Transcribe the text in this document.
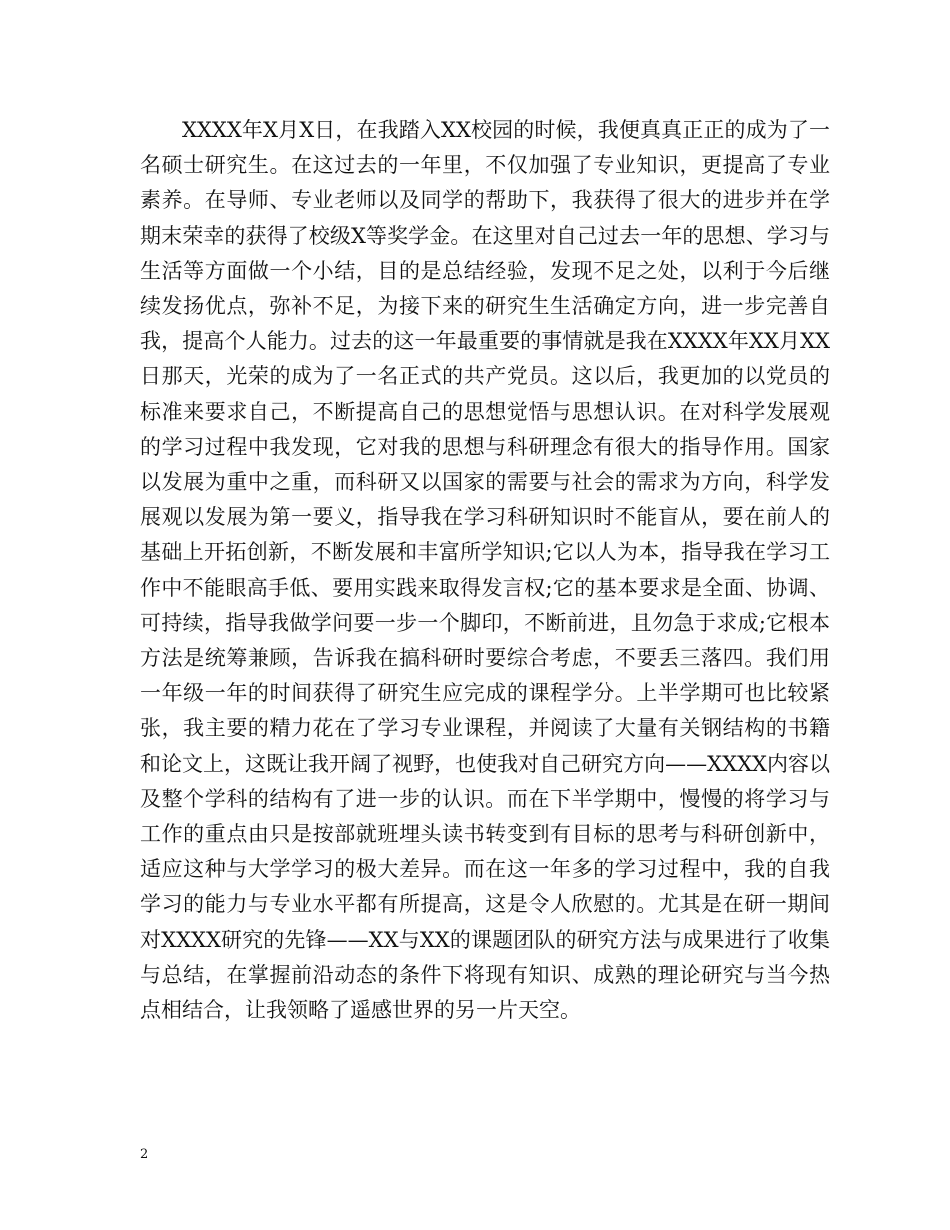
XXXX年X月X日，在我踏入XX校园的时候，我便真真正正的成为了一名硕士研究生。在这过去的一年里，不仅加强了专业知识，更提高了专业素养。在导师、专业老师以及同学的帮助下，我获得了很大的进步并在学期末荣幸的获得了校级X等奖学金。在这里对自己过去一年的思想、学习与生活等方面做一个小结，目的是总结经验，发现不足之处，以利于今后继续发扬优点，弥补不足，为接下来的研究生生活确定方向，进一步完善自我，提高个人能力。过去的这一年最重要的事情就是我在XXXX年XX月XX日那天，光荣的成为了一名正式的共产党员。这以后，我更加的以党员的标准来要求自己，不断提高自己的思想觉悟与思想认识。在对科学发展观的学习过程中我发现，它对我的思想与科研理念有很大的指导作用。国家以发展为重中之重，而科研又以国家的需要与社会的需求为方向，科学发展观以发展为第一要义，指导我在学习科研知识时不能盲从，要在前人的基础上开拓创新，不断发展和丰富所学知识;它以人为本，指导我在学习工作中不能眼高手低、要用实践来取得发言权;它的基本要求是全面、协调、可持续，指导我做学问要一步一个脚印，不断前进，且勿急于求成;它根本方法是统筹兼顾，告诉我在搞科研时要综合考虑，不要丢三落四。我们用一年级一年的时间获得了研究生应完成的课程学分。上半学期可也比较紧张，我主要的精力花在了学习专业课程，并阅读了大量有关钢结构的书籍和论文上，这既让我开阔了视野，也使我对自己研究方向——XXXX内容以及整个学科的结构有了进一步的认识。而在下半学期中，慢慢的将学习与工作的重点由只是按部就班埋头读书转变到有目标的思考与科研创新中，适应这种与大学学习的极大差异。而在这一年多的学习过程中，我的自我学习的能力与专业水平都有所提高，这是令人欣慰的。尤其是在研一期间对XXXX研究的先锋——XX与XX的课题团队的研究方法与成果进行了收集与总结，在掌握前沿动态的条件下将现有知识、成熟的理论研究与当今热点相结合，让我领略了遥感世界的另一片天空。

2
